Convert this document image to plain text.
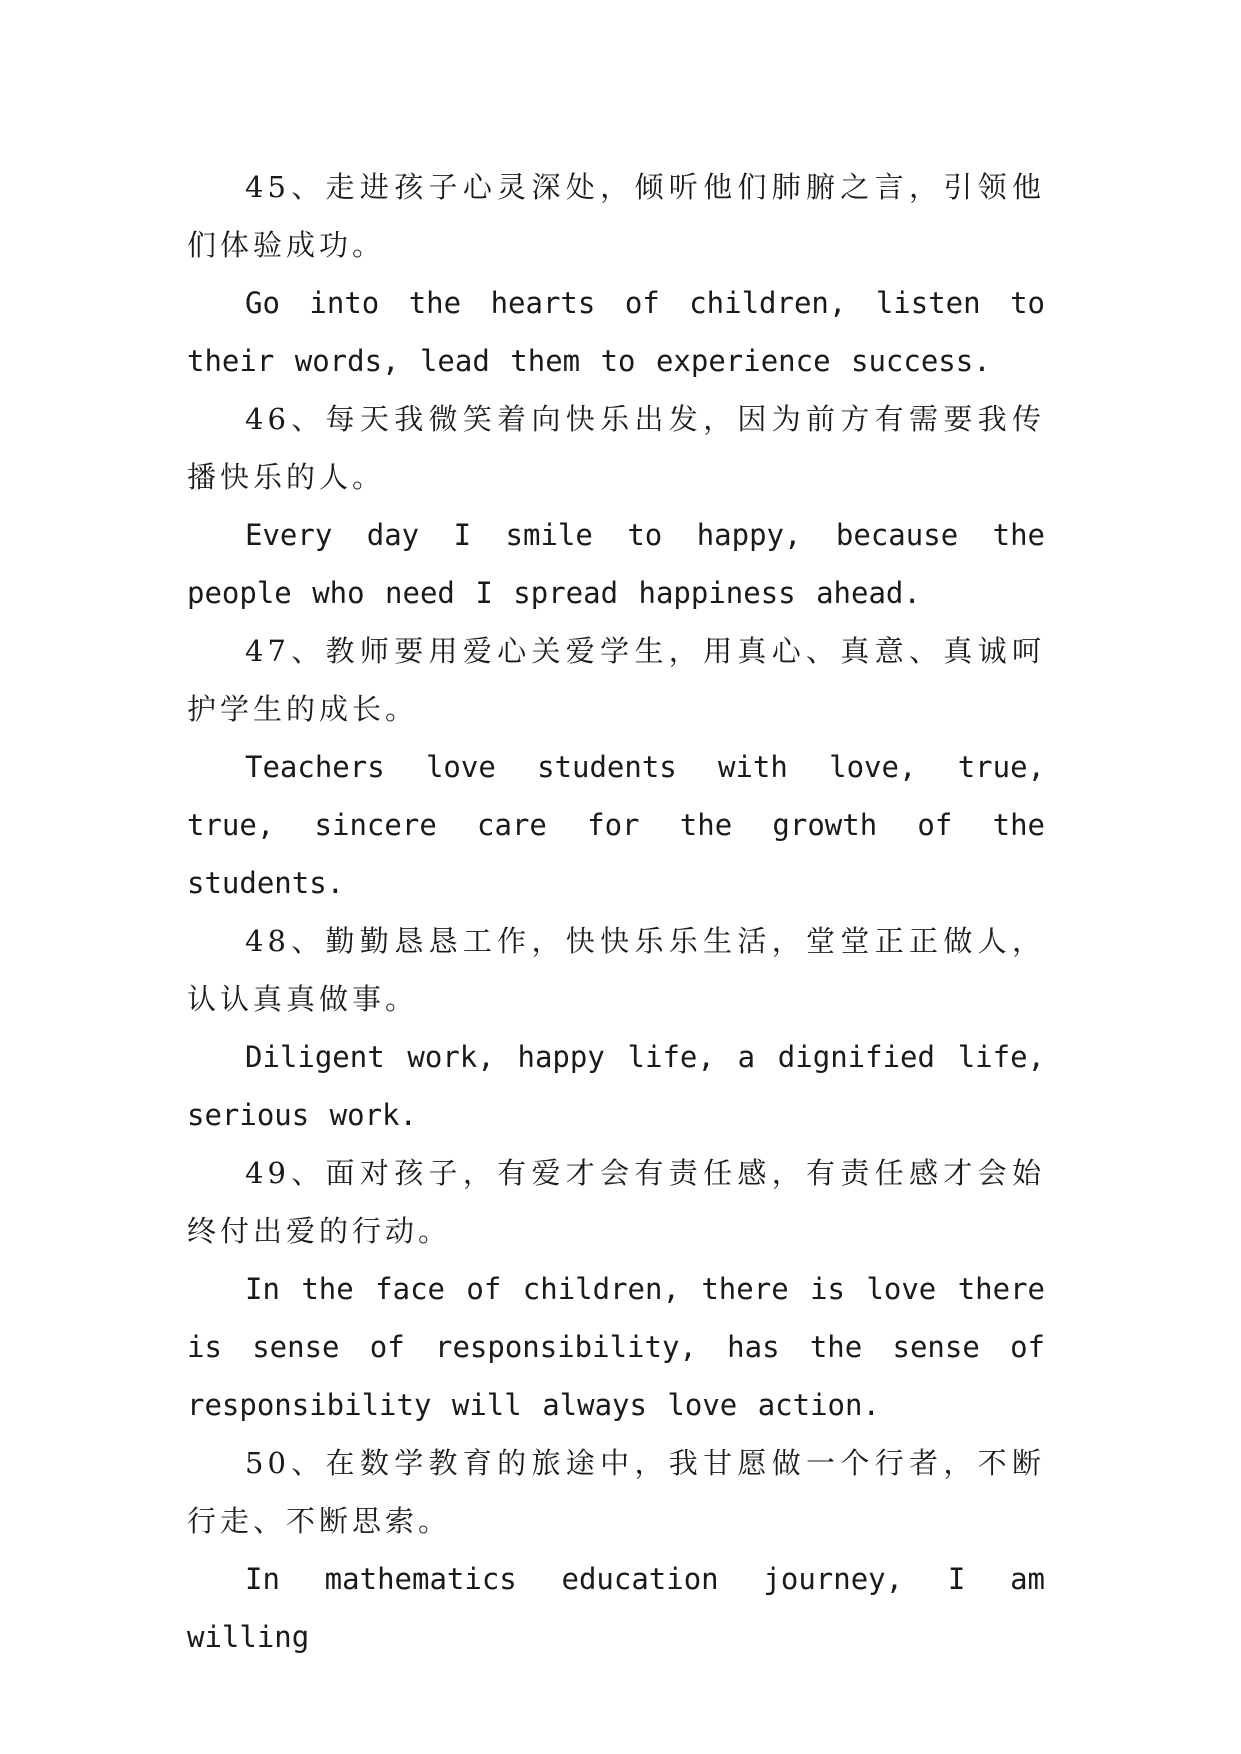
45、走进孩子心灵深处，倾听他们肺腑之言，引领他们体验成功。

Go into the hearts of children, listen to their words, lead them to experience success.

46、每天我微笑着向快乐出发，因为前方有需要我传播快乐的人。

Every day I smile to happy, because the people who need I spread happiness ahead.

47、教师要用爱心关爱学生，用真心、真意、真诚呵护学生的成长。

Teachers love students with love, true, true, sincere care for the growth of the students.

48、勤勤恳恳工作，快快乐乐生活，堂堂正正做人，认认真真做事。

Diligent work, happy life, a dignified life, serious work.

49、面对孩子，有爱才会有责任感，有责任感才会始终付出爱的行动。

In the face of children, there is love there is sense of responsibility, has the sense of responsibility will always love action.

50、在数学教育的旅途中，我甘愿做一个行者，不断行走、不断思索。

In mathematics education journey, I am willing
